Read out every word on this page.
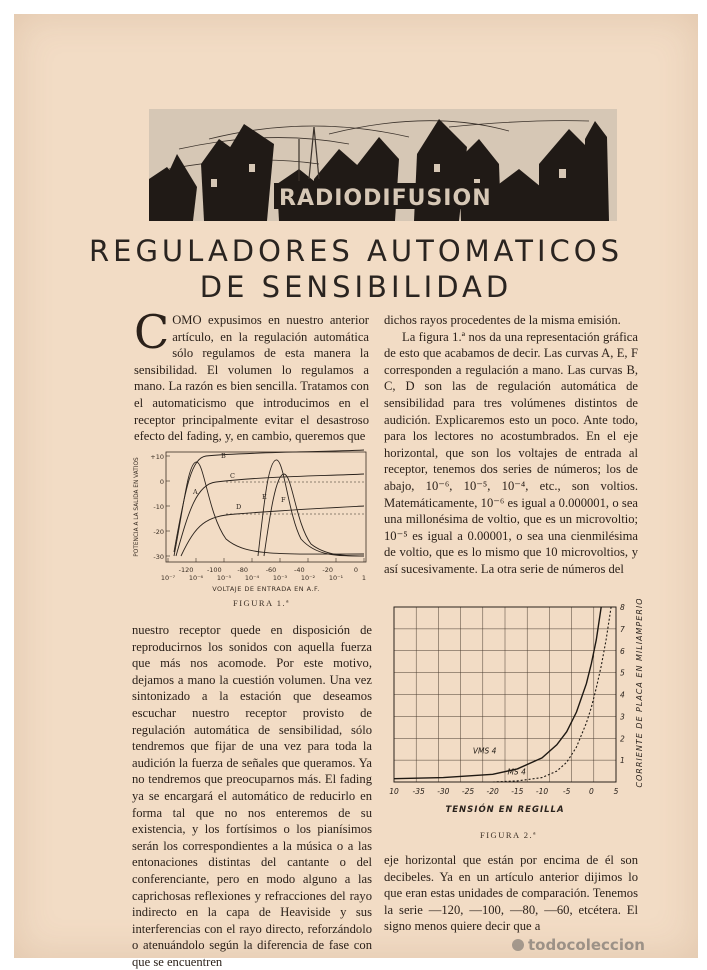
RADIODIFUSION
REGULADORES AUTOMATICOS
DE SENSIBILIDAD

COMO expusimos en nuestro anterior artículo, en la regulación automática sólo regulamos de esta manera la sensibilidad. El volumen lo regulamos a mano. La razón es bien sencilla. Tratamos con el automaticismo que introducimos en el receptor principalmente evitar el desastroso efecto del fading, y, en cambio, queremos que

dichos rayos procedentes de la misma emisión.

La figura 1.ª nos da una representación gráfica de esto que acabamos de decir. Las curvas A, E, F corresponden a regulación a mano. Las curvas B, C, D son las de regulación automática de sensibilidad para tres volúmenes distintos de audición. Explicaremos esto un poco. Ante todo, para los lectores no acostumbrados. En el eje horizontal, que son los voltajes de entrada al receptor, tenemos dos series de números; los de abajo, 10⁻⁶, 10⁻⁵, 10⁻⁴, etc., son voltios. Matemáticamente, 10⁻⁶ es igual a 0.000001, o sea una millonésima de voltio, que es un microvoltio; 10⁻⁵ es igual a 0.00001, o sea una cienmilésima de voltio, que es lo mismo que 10 microvoltios, y así sucesivamente. La otra serie de números del

+10
0
-10
-20
-30
10⁻⁷ 10⁻⁶ 10⁻⁵ 10⁻⁴ 10⁻³ 10⁻² 10⁻¹	1
-120 -100 -80	-60	-40	-20	0
VOLTAJE DE ENTRADA EN A.F.
POTENCIA A LA SALIDA EN VATIOS	A
B
C
D
E F
FIGURA 1.ª

nuestro receptor quede en disposición de reproducirnos los sonidos con aquella fuerza que más nos acomode. Por este motivo, dejamos a mano la cuestión volumen. Una vez sintonizado a la estación que deseamos escuchar nuestro receptor provisto de regulación automática de sensibilidad, sólo tendremos que fijar de una vez para toda la audición la fuerza de señales que queramos. Ya no tendremos que preocuparnos más. El fading ya se encargará el automático de reducirlo en forma tal que no nos enteremos de su existencia, y los fortísimos o los pianísimos serán los correspondientes a la música o a las entonaciones distintas del cantante o del conferenciante, pero en modo alguno a las caprichosas reflexiones y refracciones del rayo indirecto en la capa de Heaviside y sus interferencias con el rayo directo, reforzándolo o atenuándolo según la diferencia de fase con que se encuentren

10 -35 -30 -25 -20 -15 -10 -5 0	5
1
2
3
4
5
6
7
8
TENSIÓN EN REGILLA
CORRIENTE DE PLACA EN MILIAMPERIOS
VMS 4
MS 4
FIGURA 2.ª

eje horizontal que están por encima de él son decibeles. Ya en un artículo anterior dijimos lo que eran estas unidades de comparación. Tenemos la serie —120, —100, —80, —60, etcétera. El signo menos quiere decir que a

todocoleccion
